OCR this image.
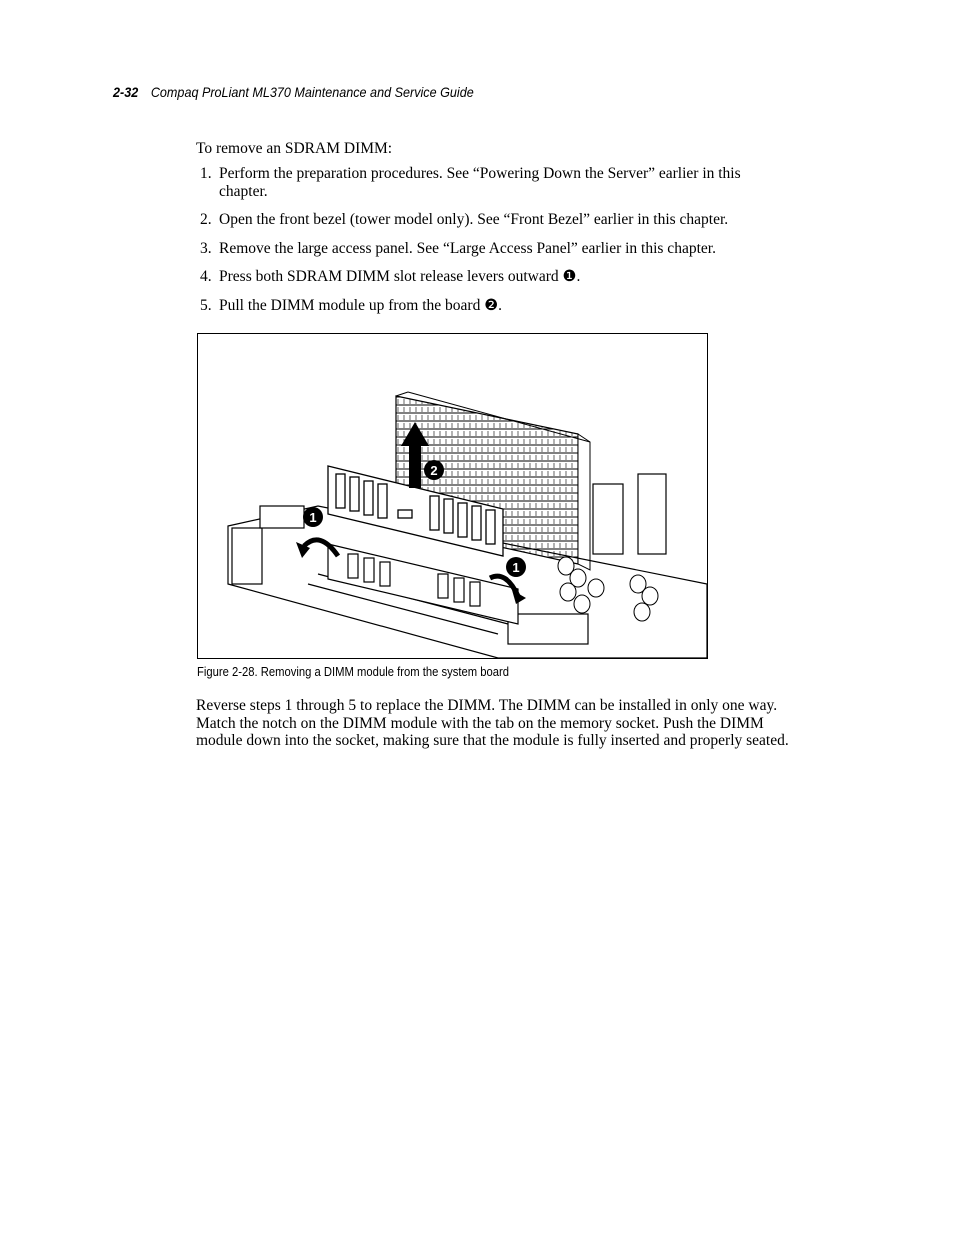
2-32 Compaq ProLiant ML370 Maintenance and Service Guide
To remove an SDRAM DIMM:
1. Perform the preparation procedures. See “Powering Down the Server” earlier in this chapter.
2. Open the front bezel (tower model only). See “Front Bezel” earlier in this chapter.
3. Remove the large access panel. See “Large Access Panel” earlier in this chapter.
4. Press both SDRAM DIMM slot release levers outward ❶.
5. Pull the DIMM module up from the board ❷.
1
2
1
Figure 2-28. Removing a DIMM module from the system board
Reverse steps 1 through 5 to replace the DIMM. The DIMM can be installed in only one way.
Match the notch on the DIMM module with the tab on the memory socket. Push the DIMM
module down into the socket, making sure that the module is fully inserted and properly seated.
